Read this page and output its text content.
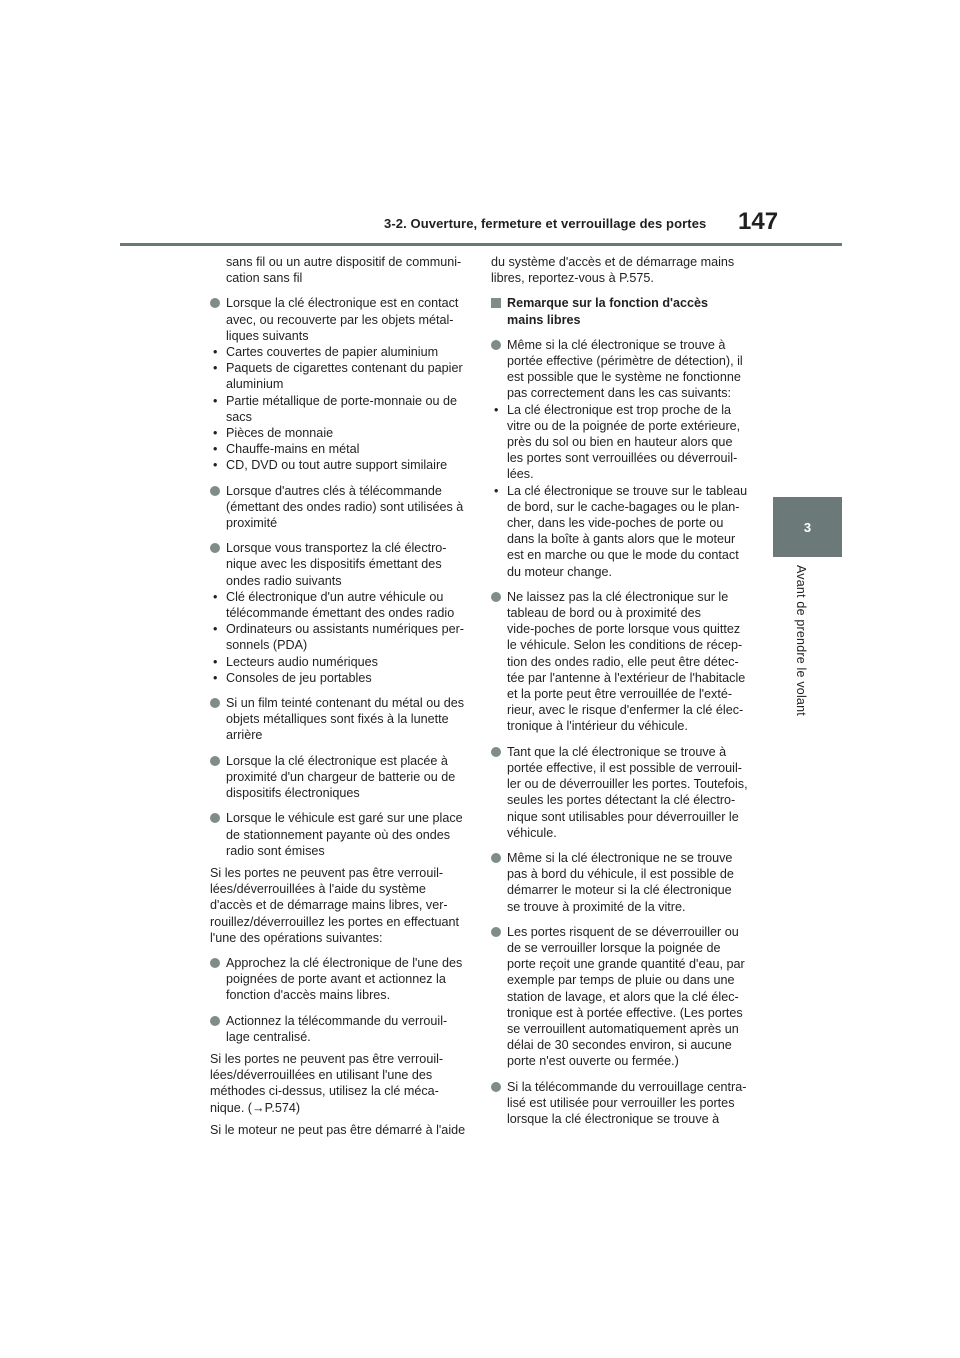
3-2. Ouverture, fermeture et verrouillage des portes 147
3
Avant de prendre le volant
sans fil ou un autre dispositif de communi-
cation sans fil
Lorsque la clé électronique est en contact
avec, ou recouverte par les objets métal-
liques suivants
• Cartes couvertes de papier aluminium
• Paquets de cigarettes contenant du papier
aluminium
• Partie métallique de porte-monnaie ou de
sacs
• Pièces de monnaie
• Chauffe-mains en métal
• CD, DVD ou tout autre support similaire
Lorsque d'autres clés à télécommande
(émettant des ondes radio) sont utilisées à
proximité
Lorsque vous transportez la clé électro-
nique avec les dispositifs émettant des
ondes radio suivants
• Clé électronique d'un autre véhicule ou
télécommande émettant des ondes radio
• Ordinateurs ou assistants numériques per-
sonnels (PDA)
• Lecteurs audio numériques
• Consoles de jeu portables
Si un film teinté contenant du métal ou des
objets métalliques sont fixés à la lunette
arrière
Lorsque la clé électronique est placée à
proximité d'un chargeur de batterie ou de
dispositifs électroniques
Lorsque le véhicule est garé sur une place
de stationnement payante où des ondes
radio sont émises
Si les portes ne peuvent pas être verrouil-
lées/déverrouillées à l'aide du système
d'accès et de démarrage mains libres, ver-
rouillez/déverrouillez les portes en effectuant
l'une des opérations suivantes:
Approchez la clé électronique de l'une des
poignées de porte avant et actionnez la
fonction d'accès mains libres.
Actionnez la télécommande du verrouil-
lage centralisé.
Si les portes ne peuvent pas être verrouil-
lées/déverrouillées en utilisant l'une des
méthodes ci-dessus, utilisez la clé méca-
nique. (→P.574)
Si le moteur ne peut pas être démarré à l'aide
du système d'accès et de démarrage mains
libres, reportez-vous à P.575.
Remarque sur la fonction d'accès
mains libres
Même si la clé électronique se trouve à
portée effective (périmètre de détection), il
est possible que le système ne fonctionne
pas correctement dans les cas suivants:
• La clé électronique est trop proche de la
vitre ou de la poignée de porte extérieure,
près du sol ou bien en hauteur alors que
les portes sont verrouillées ou déverrouil-
lées.
• La clé électronique se trouve sur le tableau
de bord, sur le cache-bagages ou le plan-
cher, dans les vide-poches de porte ou
dans la boîte à gants alors que le moteur
est en marche ou que le mode du contact
du moteur change.
Ne laissez pas la clé électronique sur le
tableau de bord ou à proximité des
vide-poches de porte lorsque vous quittez
le véhicule. Selon les conditions de récep-
tion des ondes radio, elle peut être détec-
tée par l'antenne à l'extérieur de l'habitacle
et la porte peut être verrouillée de l'exté-
rieur, avec le risque d'enfermer la clé élec-
tronique à l'intérieur du véhicule.
Tant que la clé électronique se trouve à
portée effective, il est possible de verrouil-
ler ou de déverrouiller les portes. Toutefois,
seules les portes détectant la clé électro-
nique sont utilisables pour déverrouiller le
véhicule.
Même si la clé électronique ne se trouve
pas à bord du véhicule, il est possible de
démarrer le moteur si la clé électronique
se trouve à proximité de la vitre.
Les portes risquent de se déverrouiller ou
de se verrouiller lorsque la poignée de
porte reçoit une grande quantité d'eau, par
exemple par temps de pluie ou dans une
station de lavage, et alors que la clé élec-
tronique est à portée effective. (Les portes
se verrouillent automatiquement après un
délai de 30 secondes environ, si aucune
porte n'est ouverte ou fermée.)
Si la télécommande du verrouillage centra-
lisé est utilisée pour verrouiller les portes
lorsque la clé électronique se trouve à
